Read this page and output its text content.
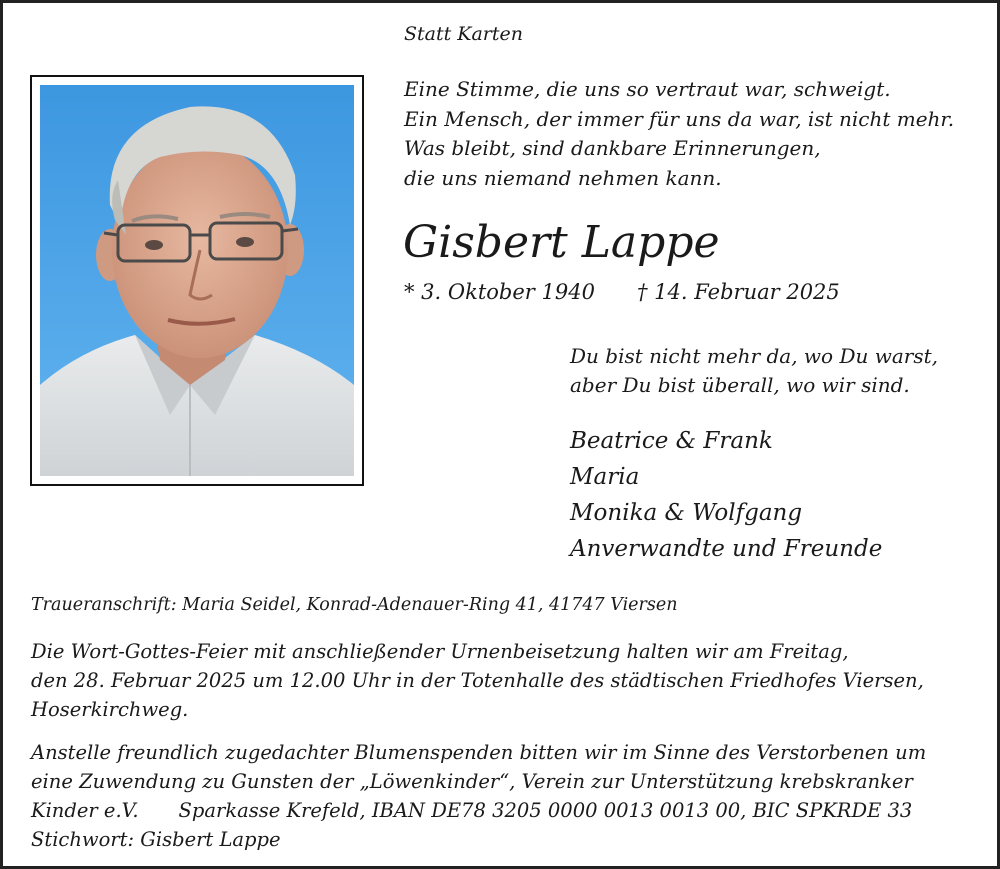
Statt Karten
Eine Stimme, die uns so vertraut war, schweigt.
Ein Mensch, der immer für uns da war, ist nicht mehr.
Was bleibt, sind dankbare Erinnerungen,
die uns niemand nehmen kann.
Gisbert Lappe
* 3. Oktober 1940 † 14. Februar 2025
Du bist nicht mehr da, wo Du warst,
aber Du bist überall, wo wir sind.
Beatrice & Frank
Maria
Monika & Wolfgang
Anverwandte und Freunde
Traueranschrift: Maria Seidel, Konrad-Adenauer-Ring 41, 41747 Viersen
Die Wort-Gottes-Feier mit anschließender Urnenbeisetzung halten wir am Freitag,
den 28. Februar 2025 um 12.00 Uhr in der Totenhalle des städtischen Friedhofes Viersen,
Hoserkirchweg.
Anstelle freundlich zugedachter Blumenspenden bitten wir im Sinne des Verstorbenen um
eine Zuwendung zu Gunsten der „Löwenkinder“, Verein zur Unterstützung krebskranker
Kinder e.V. Sparkasse Krefeld, IBAN DE78 3205 0000 0013 0013 00, BIC SPKRDE 33
Stichwort: Gisbert Lappe
